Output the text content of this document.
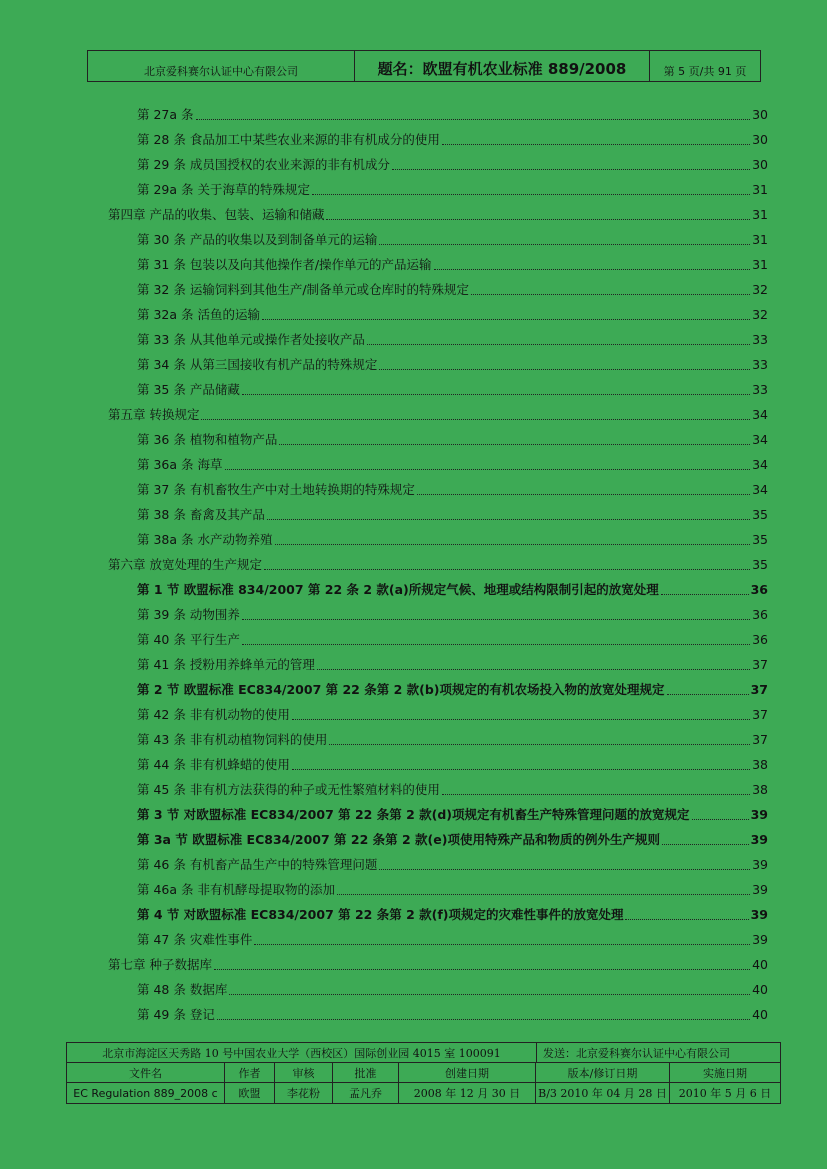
北京爱科赛尔认证中心有限公司	题名：欧盟有机农业标准 889/2008	第 5 页/共 91 页
第 27a 条	30
第 28 条 食品加工中某些农业来源的非有机成分的使用	30
第 29 条 成员国授权的农业来源的非有机成分	30
第 29a 条 关于海草的特殊规定	31
第四章 产品的收集、包装、运输和储藏	31
第 30 条 产品的收集以及到制备单元的运输	31
第 31 条 包装以及向其他操作者/操作单元的产品运输	31
第 32 条 运输饲料到其他生产/制备单元或仓库时的特殊规定	32
第 32a 条 活鱼的运输	32
第 33 条 从其他单元或操作者处接收产品	33
第 34 条 从第三国接收有机产品的特殊规定	33
第 35 条 产品储藏	33
第五章 转换规定	34
第 36 条 植物和植物产品	34
第 36a 条 海草	34
第 37 条 有机畜牧生产中对土地转换期的特殊规定	34
第 38 条 畜禽及其产品	35
第 38a 条 水产动物养殖	35
第六章 放宽处理的生产规定	35
第 1 节 欧盟标准 834/2007 第 22 条 2 款(a)所规定气候、地理或结构限制引起的放宽处理	36
第 39 条 动物围养	36
第 40 条 平行生产	36
第 41 条 授粉用养蜂单元的管理	37
第 2 节 欧盟标准 EC834/2007 第 22 条第 2 款(b)项规定的有机农场投入物的放宽处理规定	37
第 42 条 非有机动物的使用	37
第 43 条 非有机动植物饲料的使用	37
第 44 条 非有机蜂蜡的使用	38
第 45 条 非有机方法获得的种子或无性繁殖材料的使用	38
第 3 节 对欧盟标准 EC834/2007 第 22 条第 2 款(d)项规定有机畜生产特殊管理问题的放宽规定	39
第 3a 节 欧盟标准 EC834/2007 第 22 条第 2 款(e)项使用特殊产品和物质的例外生产规则	39
第 46 条 有机畜产品生产中的特殊管理问题	39
第 46a 条 非有机酵母提取物的添加	39
第 4 节 对欧盟标准 EC834/2007 第 22 条第 2 款(f)项规定的灾难性事件的放宽处理	39
第 47 条 灾难性事件	39
第七章 种子数据库	40
第 48 条 数据库	40
第 49 条 登记	40
北京市海淀区天秀路 10 号中国农业大学（西校区）国际创业园 4015 室 100091	发送：北京爱科赛尔认证中心有限公司
文件名	作者	审核	批准	创建日期	版本/修订日期	实施日期
EC Regulation 889_2008 c	欧盟	李花粉	孟凡乔	2008 年 12 月 30 日	B/3 2010 年 04 月 28 日	2010 年 5 月 6 日
